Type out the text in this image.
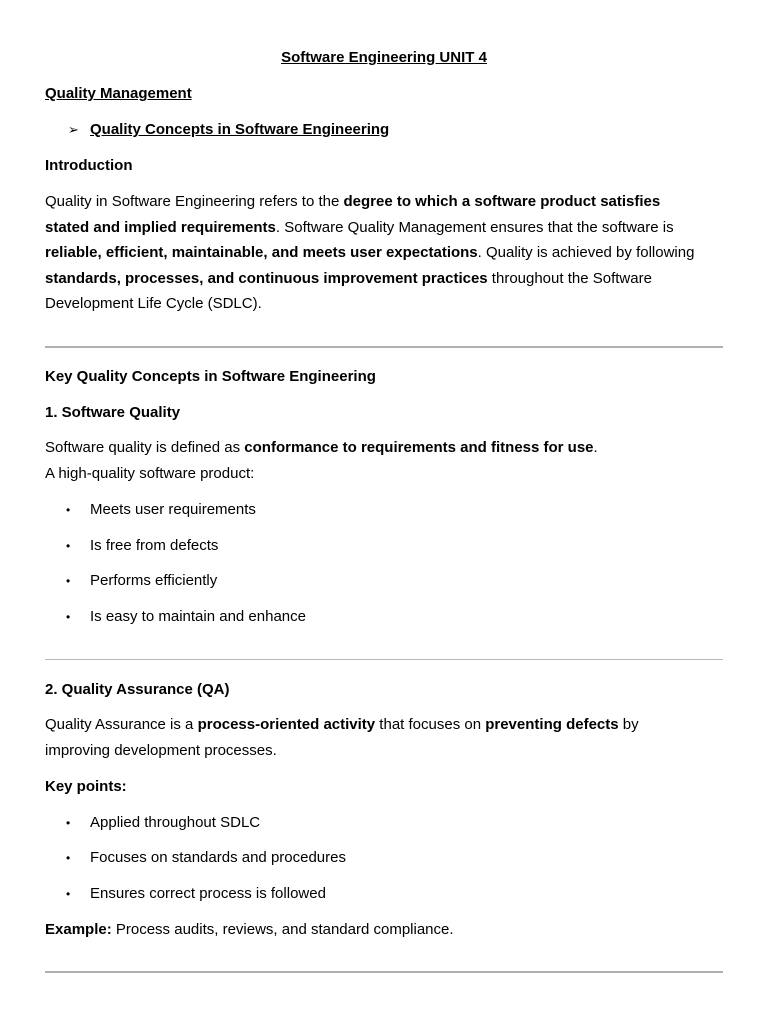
Software Engineering UNIT 4

Quality Management

➢ Quality Concepts in Software Engineering

Introduction

Quality in Software Engineering refers to the degree to which a software product satisfies
stated and implied requirements. Software Quality Management ensures that the software is
reliable, efficient, maintainable, and meets user expectations. Quality is achieved by following
standards, processes, and continuous improvement practices throughout the Software
Development Life Cycle (SDLC).

Key Quality Concepts in Software Engineering

1. Software Quality

Software quality is defined as conformance to requirements and fitness for use.
A high-quality software product:
• Meets user requirements

• Is free from defects

• Performs efficiently

• Is easy to maintain and enhance

2. Quality Assurance (QA)

Quality Assurance is a process-oriented activity that focuses on preventing defects by
improving development processes.

Key points:

• Applied throughout SDLC

• Focuses on standards and procedures

• Ensures correct process is followed

Example: Process audits, reviews, and standard compliance.
